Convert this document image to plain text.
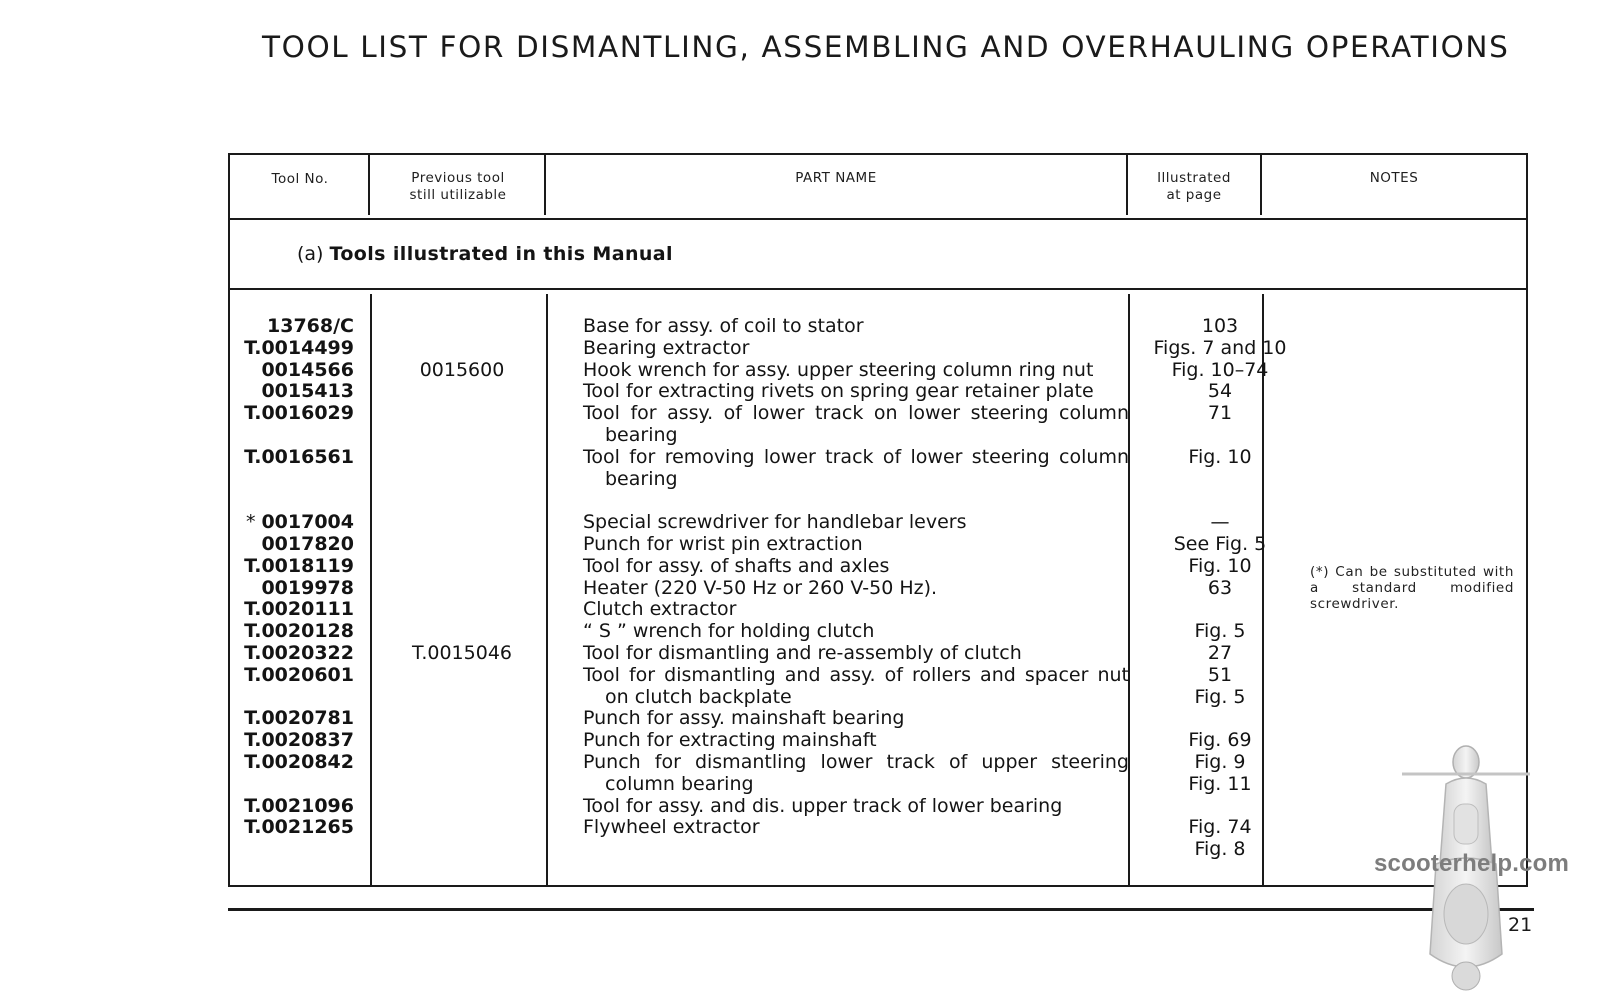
TOOL LIST FOR DISMANTLING, ASSEMBLING AND OVERHAULING OPERATIONS
Tool No.	Previous tool
still utilizable
PART NAME	Illustrated
at page
NOTES
(a) Tools illustrated in this Manual
13768/C
T.0014499
0014566
0015413
T.0016029
T.0016561
* 0017004
0017820
T.0018119
0019978
T.0020111
T.0020128
T.0020322
T.0020601
T.0020781
T.0020837
T.0020842
T.0021096
T.0021265
0015600
T.0015046
Base for assy. of coil to stator
Bearing extractor
Hook wrench for assy. upper steering column ring nut
Tool for extracting rivets on spring gear retainer plate
Tool for assy. of lower track on lower steering column
bearing
Tool for removing lower track of lower steering column
bearing
Special screwdriver for handlebar levers
Punch for wrist pin extraction
Tool for assy. of shafts and axles
Heater (220 V-50 Hz or 260 V-50 Hz).
Clutch extractor
“ S ” wrench for holding clutch
Tool for dismantling and re-assembly of clutch
Tool for dismantling and assy. of rollers and spacer nut
on clutch backplate
Punch for assy. mainshaft bearing
Punch for extracting mainshaft
Punch for dismantling lower track of upper steering
column bearing
Tool for assy. and dis. upper track of lower bearing
Flywheel extractor
103
Figs. 7 and 10
Fig. 10–74
54
71
Fig. 10
—
See Fig. 5
Fig. 10
63
Fig. 5
27
51
Fig. 5
Fig. 69
Fig. 9
Fig. 11
Fig. 74
Fig. 8
(*) Can be substituted with a standard modified screwdriver.
21
scooterhelp.com
